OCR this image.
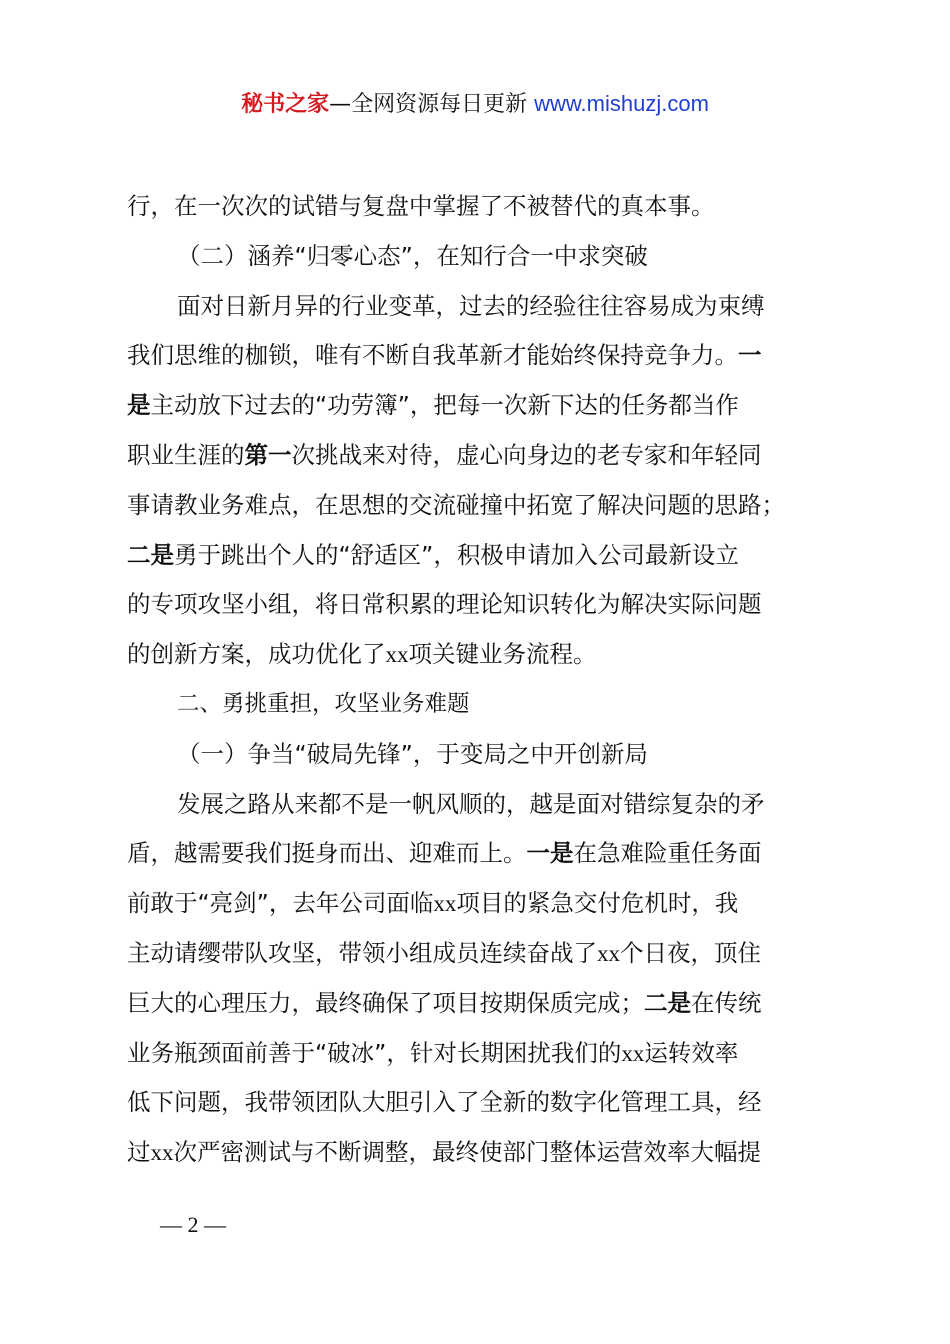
秘书之家—全网资源每日更新 www.mishuzj.com
行，在一次次的试错与复盘中掌握了不被替代的真本事。
（二）涵养“归零心态”，在知行合一中求突破
面对日新月异的行业变革，过去的经验往往容易成为束缚
我们思维的枷锁，唯有不断自我革新才能始终保持竞争力。一
是主动放下过去的“功劳簿”，把每一次新下达的任务都当作
职业生涯的第一次挑战来对待，虚心向身边的老专家和年轻同
事请教业务难点，在思想的交流碰撞中拓宽了解决问题的思路；
二是勇于跳出个人的“舒适区”，积极申请加入公司最新设立
的专项攻坚小组，将日常积累的理论知识转化为解决实际问题
的创新方案，成功优化了xx项关键业务流程。
二、勇挑重担，攻坚业务难题
（一）争当“破局先锋”，于变局之中开创新局
发展之路从来都不是一帆风顺的，越是面对错综复杂的矛
盾，越需要我们挺身而出、迎难而上。一是在急难险重任务面
前敢于“亮剑”，去年公司面临xx项目的紧急交付危机时，我
主动请缨带队攻坚，带领小组成员连续奋战了xx个日夜，顶住
巨大的心理压力，最终确保了项目按期保质完成；二是在传统
业务瓶颈面前善于“破冰”，针对长期困扰我们的xx运转效率
低下问题，我带领团队大胆引入了全新的数字化管理工具，经
过xx次严密测试与不断调整，最终使部门整体运营效率大幅提
— 2 —
